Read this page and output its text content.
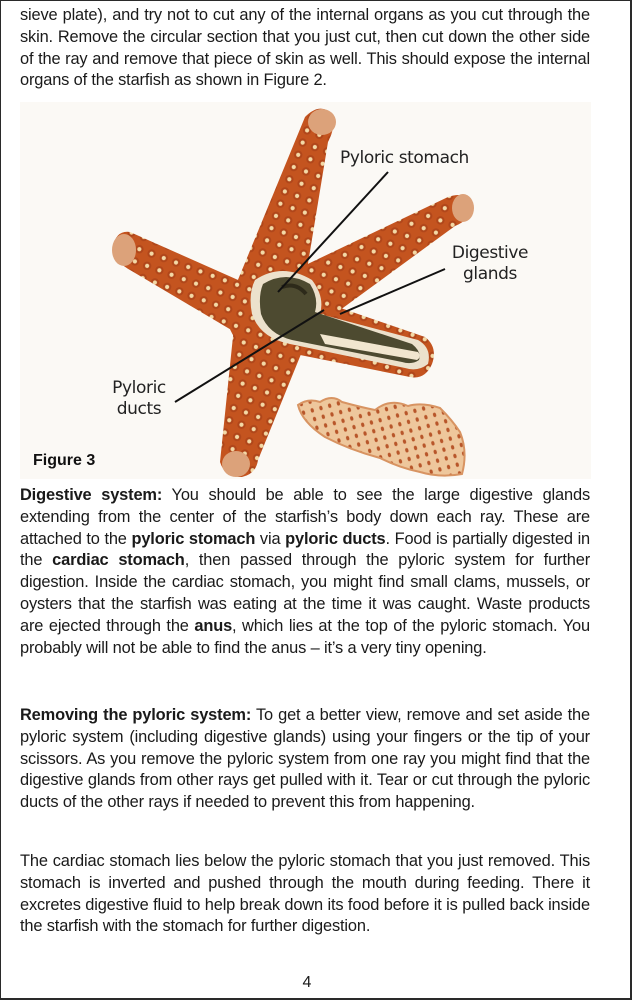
sieve plate), and try not to cut any of the internal organs as you cut through the skin. Remove the circular section that you just cut, then cut down the other side of the ray and remove that piece of skin as well. This should expose the internal organs of the starfish as shown in Figure 2.

Pyloric stomach
Digestive glands
Pyloric ducts
Figure 3

Digestive system: You should be able to see the large digestive glands extending from the center of the starfish’s body down each ray. These are attached to the pyloric stomach via pyloric ducts. Food is partially digested in the cardiac stomach, then passed through the pyloric system for further digestion. Inside the cardiac stomach, you might find small clams, mussels, or oysters that the starfish was eating at the time it was caught. Waste products are ejected through the anus, which lies at the top of the pyloric stomach. You probably will not be able to find the anus – it’s a very tiny opening.

Removing the pyloric system: To get a better view, remove and set aside the pyloric system (including digestive glands) using your fingers or the tip of your scissors. As you remove the pyloric system from one ray you might find that the digestive glands from other rays get pulled with it. Tear or cut through the pyloric ducts of the other rays if needed to prevent this from happening.

The cardiac stomach lies below the pyloric stomach that you just removed. This stomach is inverted and pushed through the mouth during feeding. There it excretes digestive fluid to help break down its food before it is pulled back inside the starfish with the stomach for further digestion.

4
